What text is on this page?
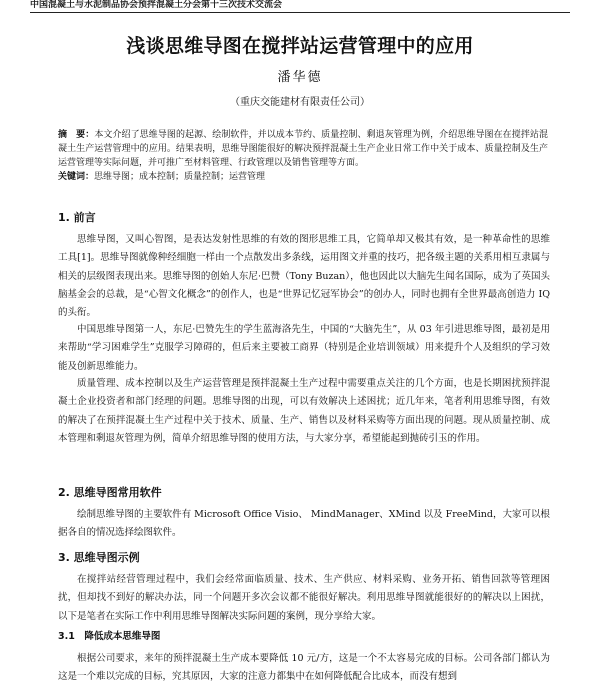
中国混凝土与水泥制品协会预拌混凝土分会第十三次技术交流会
浅谈思维导图在搅拌站运营管理中的应用
潘华德
（重庆交能建材有限责任公司）
摘　要：本文介绍了思维导图的起源、绘制软件，并以成本节约、质量控制、剩退灰管理为例，介绍思维导图在在搅拌站混凝土生产运营管理中的应用。结果表明，思维导图能很好的解决预拌混凝土生产企业日常工作中关于成本、质量控制及生产运营管理等实际问题，并可推广至材料管理、行政管理以及销售管理等方面。
关键词：思维导图；成本控制；质量控制；运营管理
1. 前言
思维导图，又叫心智图，是表达发射性思维的有效的图形思维工具，它简单却又极其有效，是一种革命性的思维工具[1]。思维导图就像种经细胞一样由一个点散发出多条线，运用图文并重的技巧，把各级主题的关系用相互隶属与相关的层级图表现出来。思维导图的创始人东尼·巴赞（Tony Buzan），他也因此以大脑先生闻名国际，成为了英国头脑基金会的总裁，是“心智文化概念”的创作人，也是“世界记忆冠军协会”的创办人，同时也拥有全世界最高创造力 IQ 的头衔。
中国思维导图第一人，东尼·巴赞先生的学生蓝海洛先生，中国的“大脑先生”，从 03 年引进思维导图，最初是用来帮助“学习困难学生”克服学习障碍的，但后来主要被工商界（特别是企业培训领域）用来提升个人及组织的学习效能及创新思维能力。
质量管理、成本控制以及生产运营管理是预拌混凝土生产过程中需要重点关注的几个方面，也是长期困扰预拌混凝土企业投资者和部门经理的问题。思维导图的出现，可以有效解决上述困扰；近几年来，笔者利用思维导图，有效的解决了在预拌混凝土生产过程中关于技术、质量、生产、销售以及材料采购等方面出现的问题。现从质量控制、成本管理和剩退灰管理为例，简单介绍思维导图的使用方法，与大家分享，希望能起到抛砖引玉的作用。
2. 思维导图常用软件
绘制思维导图的主要软件有 Microsoft Office Visio、 MindManager、XMind 以及 FreeMind，大家可以根据各自的情况选择绘图软件。
3. 思维导图示例
在搅拌站经营管理过程中，我们会经常面临质量、技术、生产供应、材料采购、业务开拓、销售回款等管理困扰，但却找不到好的解决办法，同一个问题开多次会议都不能很好解决。利用思维导图就能很好的的解决以上困扰，以下是笔者在实际工作中利用思维导图解决实际问题的案例，现分享给大家。
3.1　降低成本思维导图
根据公司要求，来年的预拌混凝土生产成本要降低 10 元/方，这是一个不太容易完成的目标。公司各部门都认为这是一个难以完成的目标，究其原因，大家的注意力都集中在如何降低配合比成本，而没有想到
